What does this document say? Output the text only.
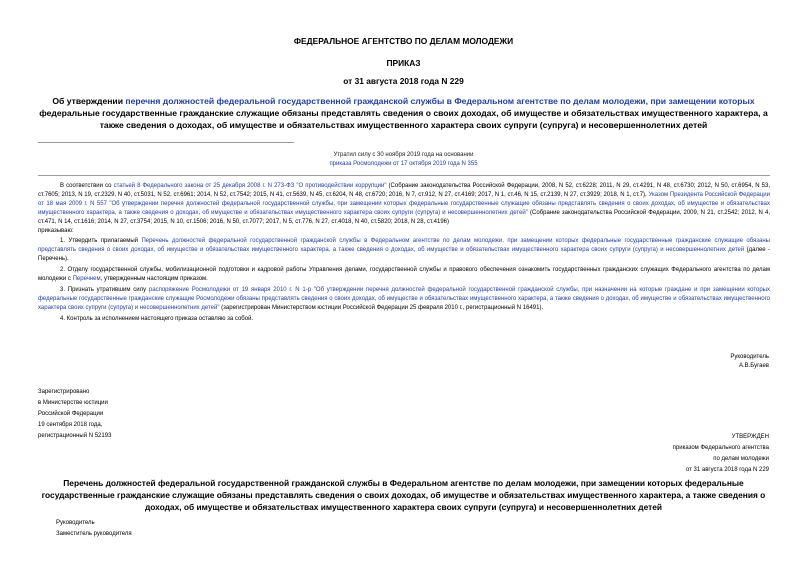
ФЕДЕРАЛЬНОЕ АГЕНТСТВО ПО ДЕЛАМ МОЛОДЕЖИ
ПРИКАЗ
от 31 августа 2018 года N 229
Об утверждении перечня должностей федеральной государственной гражданской службы в Федеральном агентстве по делам молодежи, при замещении которых федеральные государственные гражданские служащие обязаны представлять сведения о своих доходах, об имуществе и обязательствах имущественного характера, а также сведения о доходах, об имуществе и обязательствах имущественного характера своих супруги (супруга) и несовершеннолетних детей
Утратил силу с 30 ноября 2019 года на основании
приказа Росмолодежи от 17 октября 2019 года N 355

В соответствии со статьей 8 Федерального закона от 25 декабря 2008 г. N 273-ФЗ "О противодействии коррупции" (Собрание законодательства Российской Федерации, 2008, N 52, ст.6228; 2011, N 29, ст.4291, N 48, ст.6730; 2012, N 50, ст.6954, N 53, ст.7605; 2013, N 19, ст.2329, N 40, ст.5031, N 52, ст.6961; 2014, N 52, ст.7542; 2015, N 41, ст.5639, N 45, ст.6204, N 48, ст.6720; 2016, N 7, ст.912, N 27, ст.4169; 2017, N 1, ст.46, N 15, ст.2139, N 27, ст.3929; 2018, N 1, ст.7), Указом Президента Российской Федерации от 18 мая 2009 г. N 557 "Об утверждении перечня должностей федеральной государственной службы, при замещении которых федеральные государственные служащие обязаны представлять сведения о своих доходах, об имуществе и обязательствах имущественного характера, а также сведения о доходах, об имуществе и обязательствах имущественного характера своих супруги (супруга) и несовершеннолетних детей" (Собрание законодательства Российской Федерации, 2009, N 21, ст.2542; 2012, N 4, ст.471, N 14, ст.1616; 2014, N 27, ст.3754; 2015, N 10, ст.1506; 2016, N 50, ст.7077; 2017, N 5, ст.776, N 27, ст.4018, N 40, ст.5820; 2018, N 28, ст.4196)

приказываю:

1. Утвердить прилагаемый Перечень должностей федеральной государственной гражданской службы в Федеральном агентстве по делам молодежи, при замещении которых федеральные государственные гражданские служащие обязаны представлять сведения о своих доходах, об имуществе и обязательствах имущественного характера, а также сведения о доходах, об имуществе и обязательствах имущественного характера своих супруги (супруга) и несовершеннолетних детей (далее - Перечень).

2. Отделу государственной службы, мобилизационной подготовки и кадровой работы Управления делами, государственной службы и правового обеспечения ознакомить государственных гражданских служащих Федерального агентства по делам молодежи с Перечнем, утвержденным настоящим приказом.

3. Признать утратившим силу распоряжение Росмолодежи от 19 января 2010 г. N 1-р "Об утверждении перечня должностей федеральной государственной гражданской службы, при назначении на которые граждане и при замещении которых федеральные государственные гражданские служащие Росмолодежи обязаны представлять сведения о своих доходах, об имуществе и обязательствах имущественного характера, а также сведения о доходах, об имуществе и обязательствах имущественного характера своих супруги (супруга) и несовершеннолетних детей" (зарегистрирован Министерством юстиции Российской Федерации 25 февраля 2010 г., регистрационный N 16491).

4. Контроль за исполнением настоящего приказа оставляю за собой.

Руководитель
А.В.Бугаев
Зарегистрировано
в Министерстве юстиции
Российской Федерации
19 сентября 2018 года,
регистрационный N 52193	УТВЕРЖДЕН
приказом Федерального агентства
по делам молодежи
от 31 августа 2018 года N 229
Перечень должностей федеральной государственной гражданской службы в Федеральном агентстве по делам молодежи, при замещении которых федеральные государственные гражданские служащие обязаны представлять сведения о своих доходах, об имуществе и обязательствах имущественного характера, а также сведения о доходах, об имуществе и обязательствах имущественного характера своих супруги (супруга) и несовершеннолетних детей
Руководитель
Заместитель руководителя
